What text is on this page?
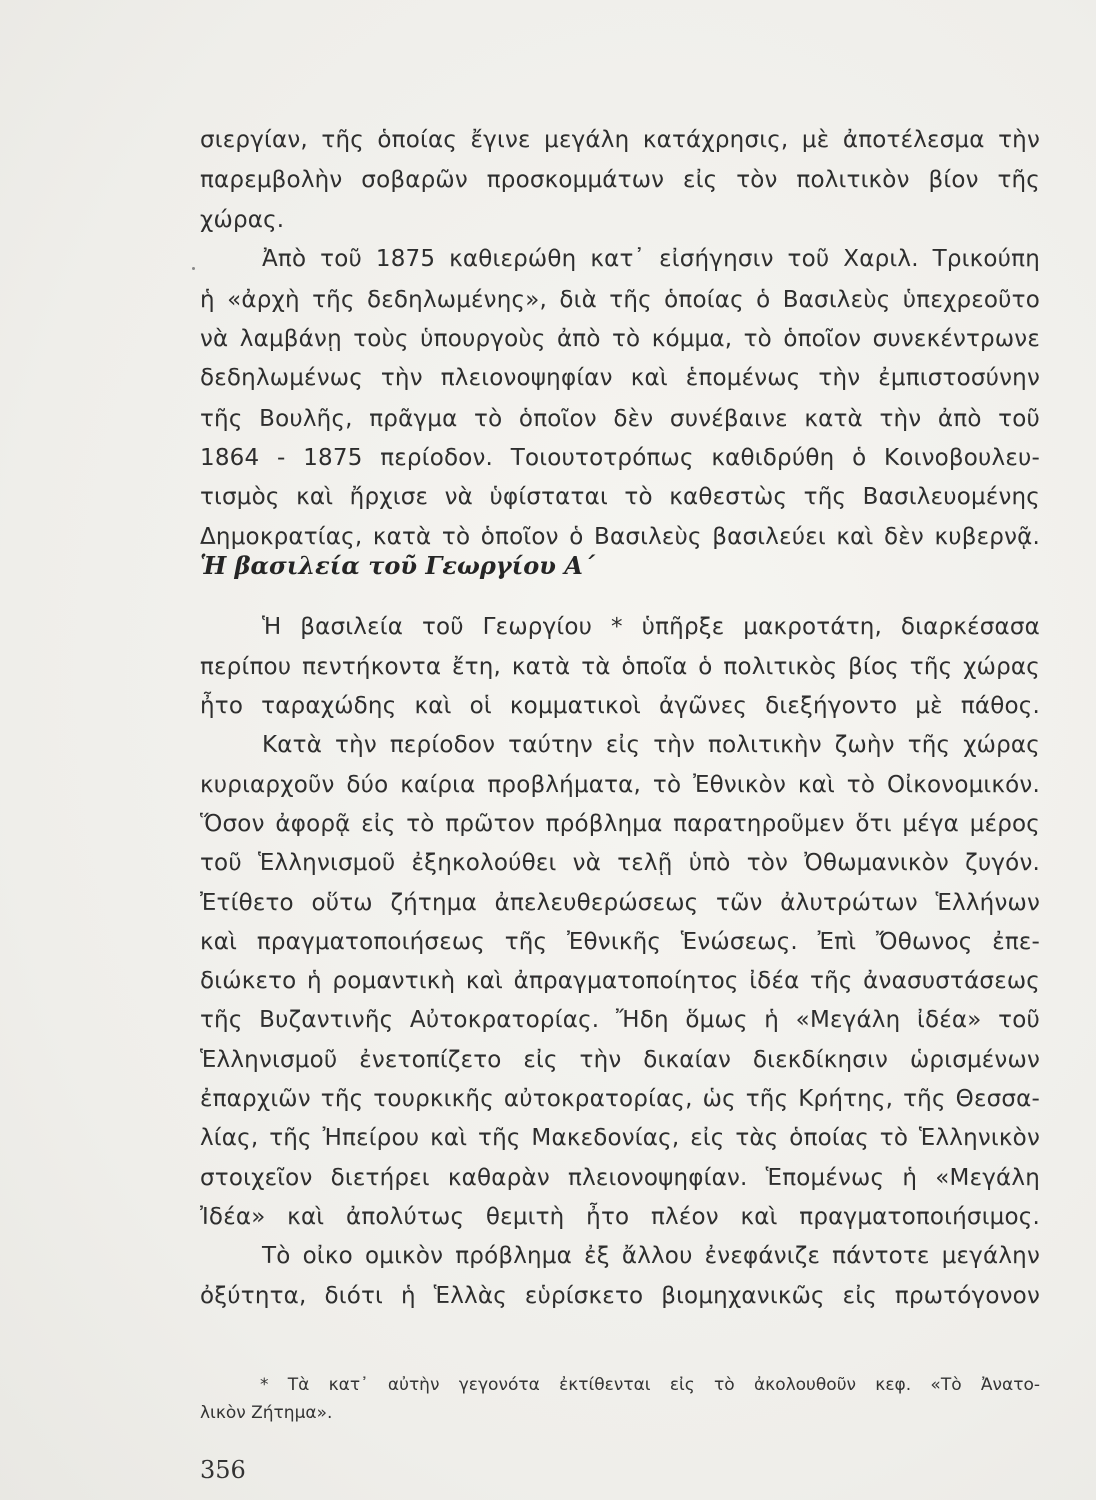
σιεργίαν, τῆς ὁποίας ἔγινε μεγάλη κατάχρησις, μὲ ἀποτέλεσμα τὴν
παρεμβολὴν σοβαρῶν προσκομμάτων εἰς τὸν πολιτικὸν βίον τῆς
χώρας.
Ἀπὸ τοῦ 1875 καθιερώθη κατ᾽ εἰσήγησιν τοῦ Χαριλ. Τρικούπη
ἡ «ἀρχὴ τῆς δεδηλωμένης», διὰ τῆς ὁποίας ὁ Βασιλεὺς ὑπεχρεοῦτο
νὰ λαμβάνῃ τοὺς ὑπουργοὺς ἀπὸ τὸ κόμμα, τὸ ὁποῖον συνεκέντρωνε
δεδηλωμένως τὴν πλειονοψηφίαν καὶ ἑπομένως τὴν ἐμπιστοσύνην
τῆς Βουλῆς, πρᾶγμα τὸ ὁποῖον δὲν συνέβαινε κατὰ τὴν ἀπὸ τοῦ
1864 - 1875 περίοδον. Τοιουτοτρόπως καθιδρύθη ὁ Κοινοβουλευ-
τισμὸς καὶ ἤρχισε νὰ ὑφίσταται τὸ καθεστὼς τῆς Βασιλευομένης
Δημοκρατίας, κατὰ τὸ ὁποῖον ὁ Βασιλεὺς βασιλεύει καὶ δὲν κυβερνᾷ.
Ἡ βασιλεία τοῦ Γεωργίου Α´
Ἡ βασιλεία τοῦ Γεωργίου * ὑπῆρξε μακροτάτη, διαρκέσασα
περίπου πεντήκοντα ἔτη, κατὰ τὰ ὁποῖα ὁ πολιτικὸς βίος τῆς χώρας
ἦτο ταραχώδης καὶ οἱ κομματικοὶ ἀγῶνες διεξήγοντο μὲ πάθος.
Κατὰ τὴν περίοδον ταύτην εἰς τὴν πολιτικὴν ζωὴν τῆς χώρας
κυριαρχοῦν δύο καίρια προβλήματα, τὸ Ἐθνικὸν καὶ τὸ Οἰκονομικόν.
Ὅσον ἀφορᾷ εἰς τὸ πρῶτον πρόβλημα παρατηροῦμεν ὅτι μέγα μέρος
τοῦ Ἑλληνισμοῦ ἐξηκολούθει νὰ τελῇ ὑπὸ τὸν Ὀθωμανικὸν ζυγόν.
Ἐτίθετο οὕτω ζήτημα ἀπελευθερώσεως τῶν ἀλυτρώτων Ἑλλήνων
καὶ πραγματοποιήσεως τῆς Ἐθνικῆς Ἑνώσεως. Ἐπὶ Ὄθωνος ἐπε-
διώκετο ἡ ρομαντικὴ καὶ ἀπραγματοποίητος ἰδέα τῆς ἀνασυστάσεως
τῆς Βυζαντινῆς Αὐτοκρατορίας. Ἤδη ὅμως ἡ «Μεγάλη ἰδέα» τοῦ
Ἑλληνισμοῦ ἐνετοπίζετο εἰς τὴν δικαίαν διεκδίκησιν ὡρισμένων
ἐπαρχιῶν τῆς τουρκικῆς αὐτοκρατορίας, ὡς τῆς Κρήτης, τῆς Θεσσα-
λίας, τῆς Ἠπείρου καὶ τῆς Μακεδονίας, εἰς τὰς ὁποίας τὸ Ἑλληνικὸν
στοιχεῖον διετήρει καθαρὰν πλειονοψηφίαν. Ἑπομένως ἡ «Μεγάλη
Ἰδέα» καὶ ἀπολύτως θεμιτὴ ἦτο πλέον καὶ πραγματοποιήσιμος.
Τὸ οἰκο ομικὸν πρόβλημα ἐξ ἄλλου ἐνεφάνιζε πάντοτε μεγάλην
ὀξύτητα, διότι ἡ Ἑλλὰς εὑρίσκετο βιομηχανικῶς εἰς πρωτόγονον
* Τὰ κατ᾽ αὐτὴν γεγονότα ἐκτίθενται εἰς τὸ ἀκολουθοῦν κεφ. «Τὸ Ἀνατο-
λικὸν Ζήτημα».
356
